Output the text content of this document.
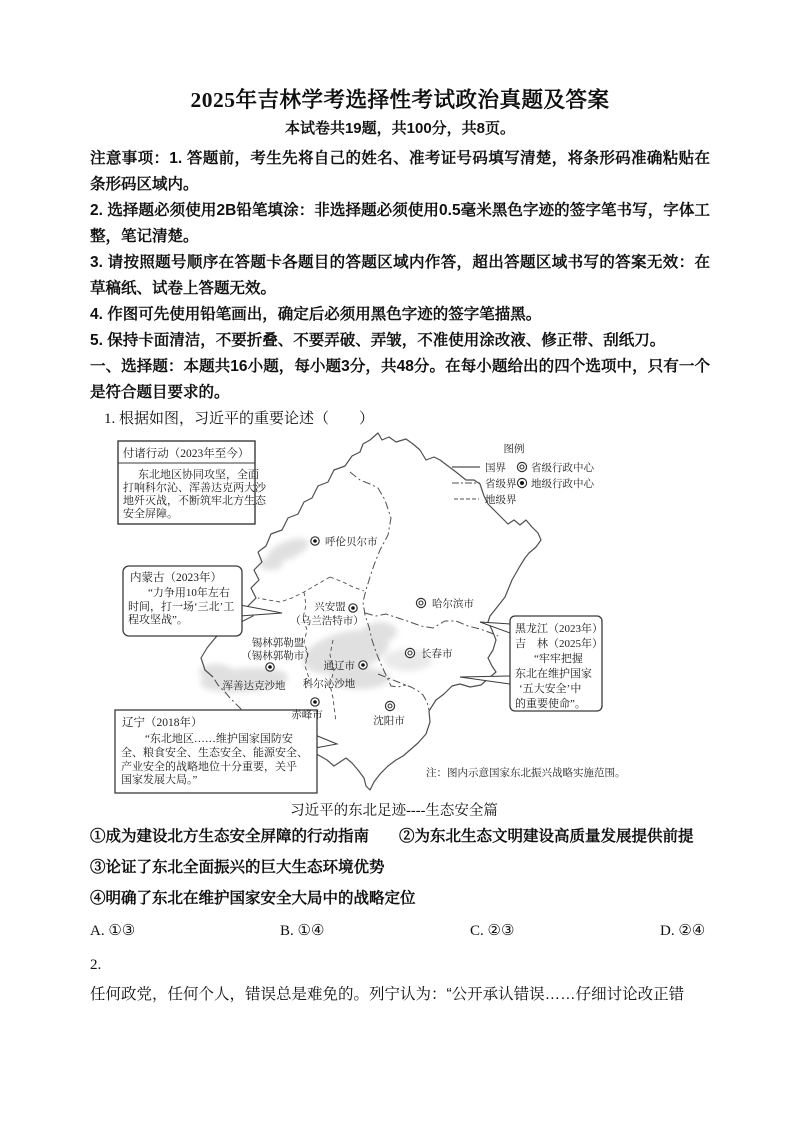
2025年吉林学考选择性考试政治真题及答案

本试卷共19题，共100分，共8页。

注意事项：1. 答题前，考生先将自己的姓名、准考证号码填写清楚，将条形码准确粘贴在条形码区域内。

2. 选择题必须使用2B铅笔填涂：非选择题必须使用0.5毫米黑色字迹的签字笔书写，字体工整，笔记清楚。

3. 请按照题号顺序在答题卡各题目的答题区域内作答，超出答题区域书写的答案无效：在草稿纸、试卷上答题无效。

4. 作图可先使用铅笔画出，确定后必须用黑色字迹的签字笔描黑。

5. 保持卡面清洁，不要折叠、不要弄破、弄皱，不准使用涂改液、修正带、刮纸刀。

一、选择题：本题共16小题，每小题3分，共48分。在每小题给出的四个选项中，只有一个是符合题目要求的。

1. 根据如图，习近平的重要论述（　　）

图例
国界 省级行政中心
省级界 地级行政中心
地级界
付诸行动（2023年至今）
东北地区协同攻坚，全面
打响科尔沁、浑善达克两大沙
地歼灭战，不断筑牢北方生态
安全屏障。
内蒙古（2023年）
“力争用10年左右
时间，打一场‘三北’工
程攻坚战”。
辽宁（2018年）
“东北地区……维护国家国防安
全、粮食安全、生态安全、能源安全、
产业安全的战略地位十分重要，关乎
国家发展大局。”
黑龙江（2023年）
吉　林（2025年）
“牢牢把握
东北在维护国家
‘五大安全’中
的重要使命”。
呼伦贝尔市
兴安盟
（乌兰浩特市）
哈尔滨市
长春市
锡林郭勒盟
（锡林郭勒市）
通辽市
赤峰市
沈阳市
浑善达克沙地 科尔沁沙地
注：图内示意国家东北振兴战略实施范围。
习近平的东北足迹----生态安全篇
①成为建设北方生态安全屏障的行动指南 ②为东北生态文明建设高质量发展提供前提
③论证了东北全面振兴的巨大生态环境优势
④明确了东北在维护国家安全大局中的战略定位
A. ①③	B. ①④	C. ②③	D. ②④
2.
任何政党，任何个人，错误总是难免的。列宁认为：“公开承认错误……仔细讨论改正错
